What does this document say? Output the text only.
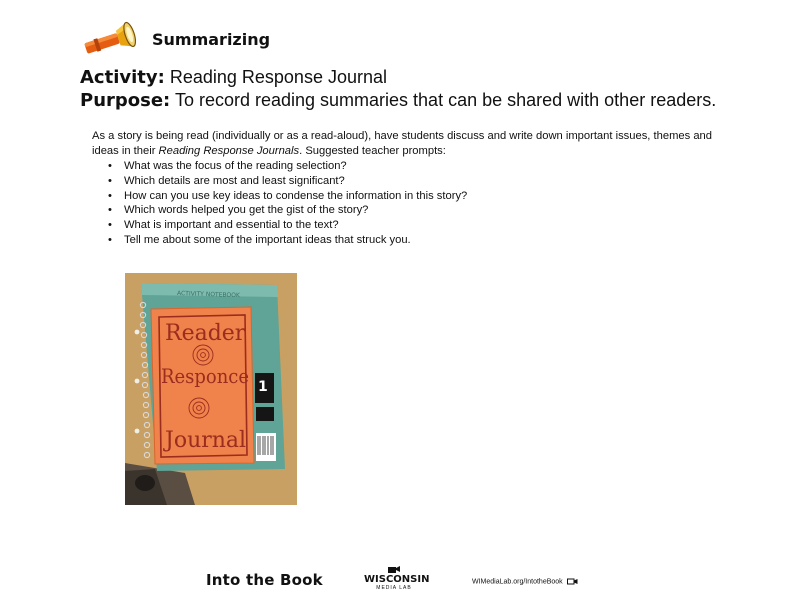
Summarizing
Activity: Reading Response Journal
Purpose: To record reading summaries that can be shared with other readers.
As a story is being read (individually or as a read-aloud), have students discuss and write down important issues, themes and ideas in their Reading Response Journals. Suggested teacher prompts:
• What was the focus of the reading selection?
• Which details are most and least significant?
• How can you use key ideas to condense the information in this story?
• Which words helped you get the gist of the story?
• What is important and essential to the text?
• Tell me about some of the important ideas that struck you.
ACTIVITY NOTEBOOK
1
Reader
Responce
Journal
Into the Book	WISCONSIN
MEDIA LAB
WIMediaLab.org/IntotheBook
